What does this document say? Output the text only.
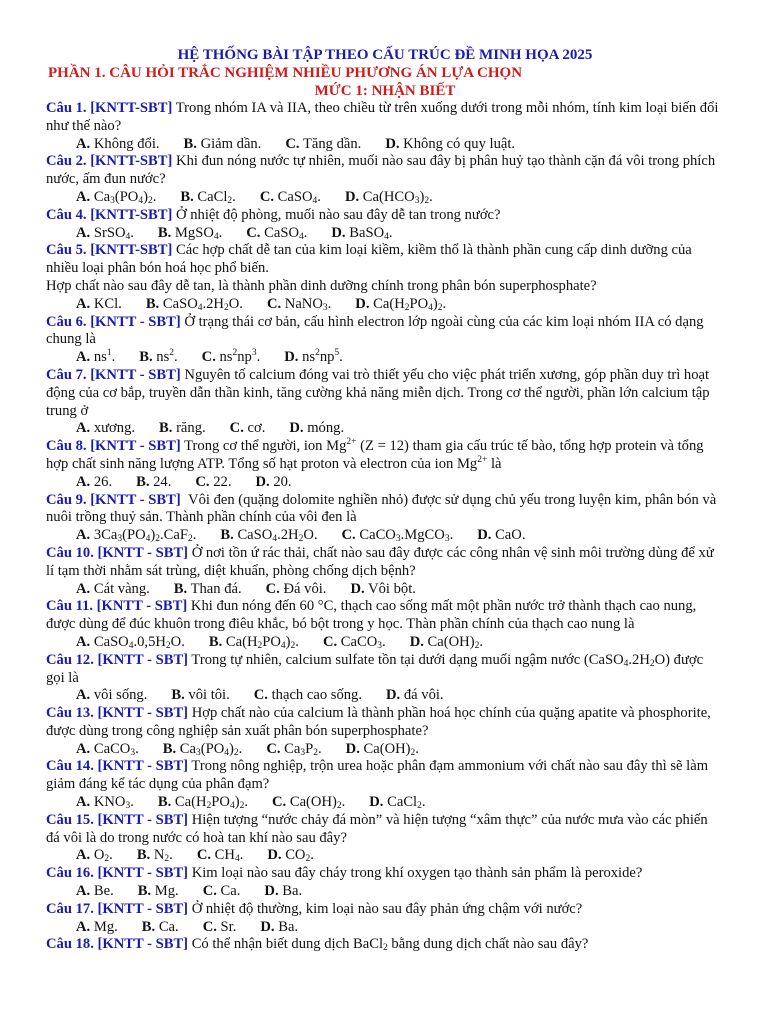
HỆ THỐNG BÀI TẬP THEO CẤU TRÚC ĐỀ MINH HỌA 2025
PHẦN 1. CÂU HỎI TRẮC NGHIỆM NHIỀU PHƯƠNG ÁN LỰA CHỌN
MỨC 1: NHẬN BIẾT

Câu 1. [KNTT-SBT] Trong nhóm IA và IIA, theo chiều từ trên xuống dưới trong mỗi nhóm, tính kim loại biến đổi như thế nào?

A. Không đổi. B. Giảm dần. C. Tăng dần. D. Không có quy luật.

Câu 2. [KNTT-SBT] Khi đun nóng nước tự nhiên, muối nào sau đây bị phân huỷ tạo thành cặn đá vôi trong phích nước, ấm đun nước?

A. $Ca_3(PO_4)_2$. B. CaCl$_2$. C. CaSO$_4$. D. $Ca(HCO_3)_2$.

Câu 4. [KNTT-SBT] Ở nhiệt độ phòng, muối nào sau đây dễ tan trong nước?

A. SrSO$_4$. B. MgSO$_4$. C. CaSO$_4$. D. BaSO$_4$.

Câu 5. [KNTT-SBT] Các hợp chất dễ tan của kim loại kiềm, kiềm thổ là thành phần cung cấp dinh dưỡng của nhiều loại phân bón hoá học phổ biến.
Hợp chất nào sau đây dễ tan, là thành phần dinh dưỡng chính trong phân bón superphosphate?

A. KCl. B. $CaSO_4.2H_2O$. C. NaNO$_3$. D. $Ca(H_2PO_4)_2$.

Câu 6. [KNTT - SBT] Ở trạng thái cơ bản, cấu hình electron lớp ngoài cùng của các kim loại nhóm IIA có dạng chung là

A. $ns^1$. B. $ns^2$. C. $ns^2np^3$. D. $ns^2np^5$.

Câu 7. [KNTT - SBT] Nguyên tố calcium đóng vai trò thiết yếu cho việc phát triển xương, góp phần duy trì hoạt động của cơ bắp, truyền dẫn thần kinh, tăng cường khả năng miễn dịch. Trong cơ thể người, phần lớn calcium tập trung ở

A. xương. B. răng. C. cơ. D. móng.

Câu 8. [KNTT - SBT] Trong cơ thể người, ion $Mg^{2+}$ (Z = 12) tham gia cấu trúc tế bào, tổng hợp protein và tổng hợp chất sinh năng lượng ATP. Tổng số hạt proton và electron của ion $Mg^{2+}$ là

A. 26. B. 24. C. 22. D. 20.

Câu 9. [KNTT - SBT]  Vôi đen (quặng dolomite nghiền nhỏ) được sử dụng chủ yếu trong luyện kim, phân bón và nuôi trồng thuỷ sản. Thành phần chính của vôi đen là

A. $3Ca_3(PO_4)_2.CaF_2$. B. $CaSO_4.2H_2O$. C. CaCO$_3$.MgCO$_3$. D. CaO.

Câu 10. [KNTT - SBT] Ở nơi tồn ứ rác thải, chất nào sau đây được các công nhân vệ sinh môi trường dùng để xử lí tạm thời nhằm sát trùng, diệt khuẩn, phòng chống dịch bệnh?

A. Cát vàng. B. Than đá. C. Đá vôi. D. Vôi bột.

Câu 11. [KNTT - SBT] Khi đun nóng đến 60 °C, thạch cao sống mất một phần nước trở thành thạch cao nung, được dùng để đúc khuôn trong điêu khắc, bó bột trong y học. Thàn phần chính của thạch cao nung là

A. $CaSO_4.0,5H_2O$. B. $Ca(H_2PO_4)_2$. C. CaCO$_3$. D. $Ca(OH)_2$.

Câu 12. [KNTT - SBT] Trong tự nhiên, calcium sulfate tồn tại dưới dạng muối ngậm nước $(CaSO_4.2H_2O)$ được gọi là

A. vôi sống. B. vôi tôi. C. thạch cao sống. D. đá vôi.

Câu 13. [KNTT - SBT] Hợp chất nào của calcium là thành phần hoá học chính của quặng apatite và phosphorite, được dùng trong công nghiệp sản xuất phân bón superphosphate?

A. CaCO$_3$. B. $Ca_3(PO_4)_2$. C. $Ca_3P_2$. D. $Ca(OH)_2$.

Câu 14. [KNTT - SBT] Trong nông nghiệp, trộn urea hoặc phân đạm ammonium với chất nào sau đây thì sẽ làm giảm đáng kể tác dụng của phân đạm?

A. $KNO_3$. B. $Ca(H_2PO_4)_2$. C. $Ca(OH)_2$. D. CaCl$_2$.

Câu 15. [KNTT - SBT] Hiện tượng “nước chảy đá mòn” và hiện tượng “xâm thực” của nước mưa vào các phiến đá vôi là do trong nước có hoà tan khí nào sau đây?

A. $O_2$. B. $N_2$. C. $CH_4$. D. $CO_2$.

Câu 16. [KNTT - SBT] Kim loại nào sau đây cháy trong khí oxygen tạo thành sản phẩm là peroxide?

A. Be. B. Mg. C. Ca. D. Ba.

Câu 17. [KNTT - SBT] Ở nhiệt độ thường, kim loại nào sau đây phản ứng chậm với nước?

A. Mg. B. Ca. C. Sr. D. Ba.

Câu 18. [KNTT - SBT] Có thể nhận biết dung dịch BaCl$_2$ bằng dung dịch chất nào sau đây?
